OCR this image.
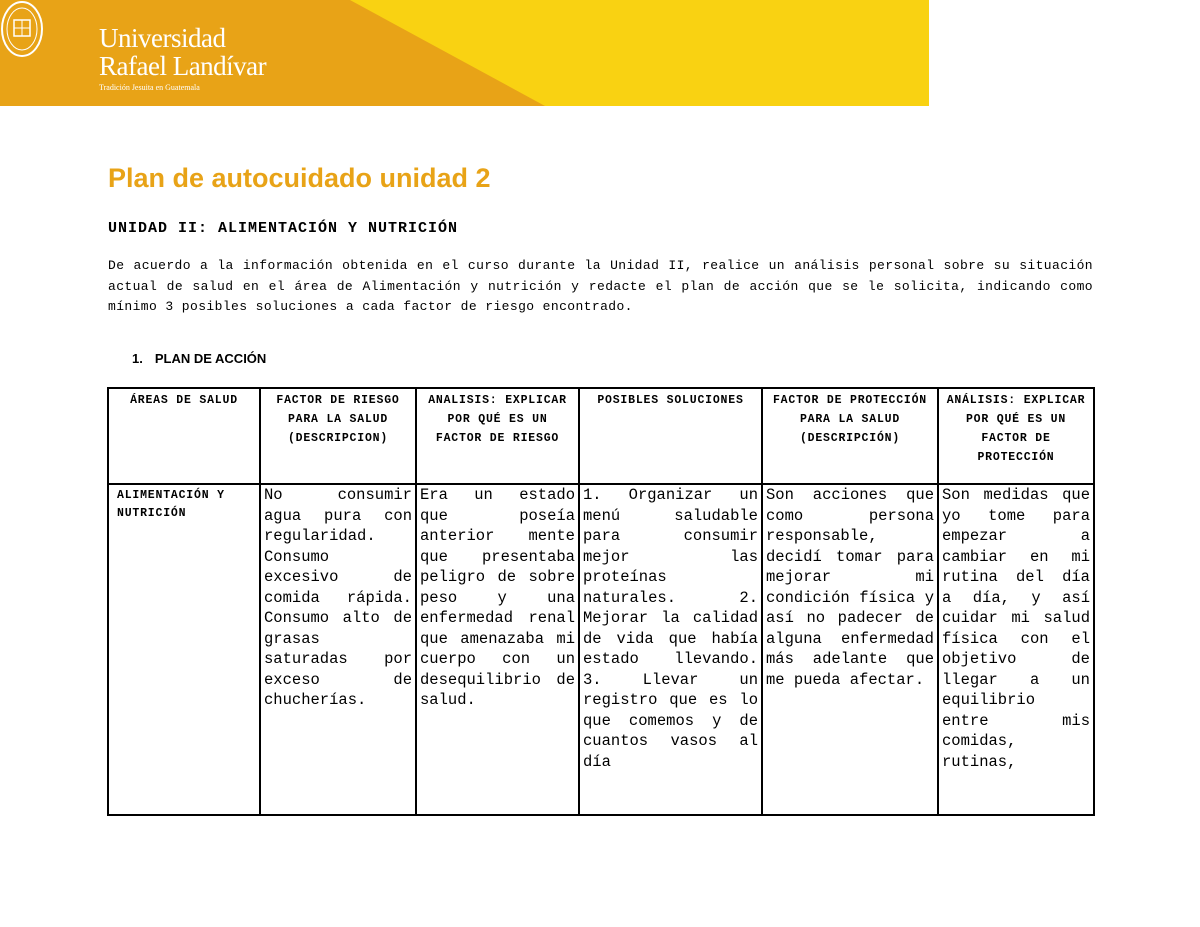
Universidad
Rafael Landívar
Tradición Jesuita en Guatemala
Plan de autocuidado unidad 2
UNIDAD II: ALIMENTACIÓN Y NUTRICIÓN

De acuerdo a la información obtenida en el curso durante la Unidad II, realice un análisis personal sobre su situación actual de salud en el área de Alimentación y nutrición y redacte el plan de acción que se le solicita, indicando como mínimo 3 posibles soluciones a cada factor de riesgo encontrado.

1. PLAN DE ACCIÓN

ÁREAS DE SALUD	FACTOR DE RIESGO PARA LA SALUD (DESCRIPCION)	ANALISIS: EXPLICAR POR QUÉ ES UN FACTOR DE RIESGO	POSIBLES SOLUCIONES	FACTOR DE PROTECCIÓN PARA LA SALUD (DESCRIPCIÓN)	ANÁLISIS: EXPLICAR POR QUÉ ES UN FACTOR DE PROTECCIÓN
ALIMENTACIÓN Y NUTRICIÓN	No consumir agua pura con regularidad. Consumo excesivo de comida rápida. Consumo alto de grasas saturadas por exceso de chucherías.	Era un estado que poseía anterior mente que presentaba peligro de sobre peso y una enfermedad renal que amenazaba mi cuerpo con un desequilibrio de salud.	1. Organizar un menú saludable para consumir mejor las proteínas naturales. 2. Mejorar la calidad de vida que había estado llevando. 3. Llevar un registro que es lo que comemos y de cuantos vasos al día	Son acciones que como persona responsable, decidí tomar para mejorar mi condición física y así no padecer de alguna enfermedad más adelante que me pueda afectar.	Son medidas que yo tome para empezar a cambiar en mi rutina del día a día, y así cuidar mi salud física con el objetivo de llegar a un equilibrio entre mis comidas, rutinas,
